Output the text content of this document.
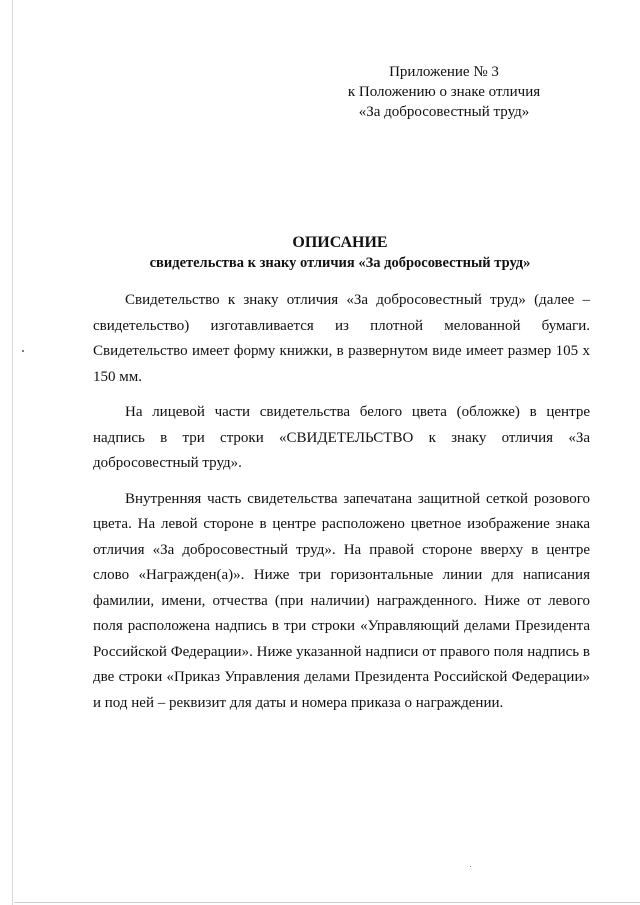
Приложение № 3
к Положению о знаке отличия
«За добросовестный труд»
ОПИСАНИЕ
свидетельства к знаку отличия «За добросовестный труд»

Свидетельство к знаку отличия «За добросовестный труд» (далее – свидетельство) изготавливается из плотной мелованной бумаги. Свидетельство имеет форму книжки, в развернутом виде имеет размер 105 х 150 мм.

На лицевой части свидетельства белого цвета (обложке) в центре надпись в три строки «СВИДЕТЕЛЬСТВО к знаку отличия «За добросовестный труд».

Внутренняя часть свидетельства запечатана защитной сеткой розового цвета. На левой стороне в центре расположено цветное изображение знака отличия «За добросовестный труд». На правой стороне вверху в центре слово «Награжден(а)». Ниже три горизонтальные линии для написания фамилии, имени, отчества (при наличии) награжденного. Ниже от левого поля расположена надпись в три строки «Управляющий делами Президента Российской Федерации». Ниже указанной надписи от правого поля надпись в две строки «Приказ Управления делами Президента Российской Федерации» и под ней – реквизит для даты и номера приказа о награждении.
